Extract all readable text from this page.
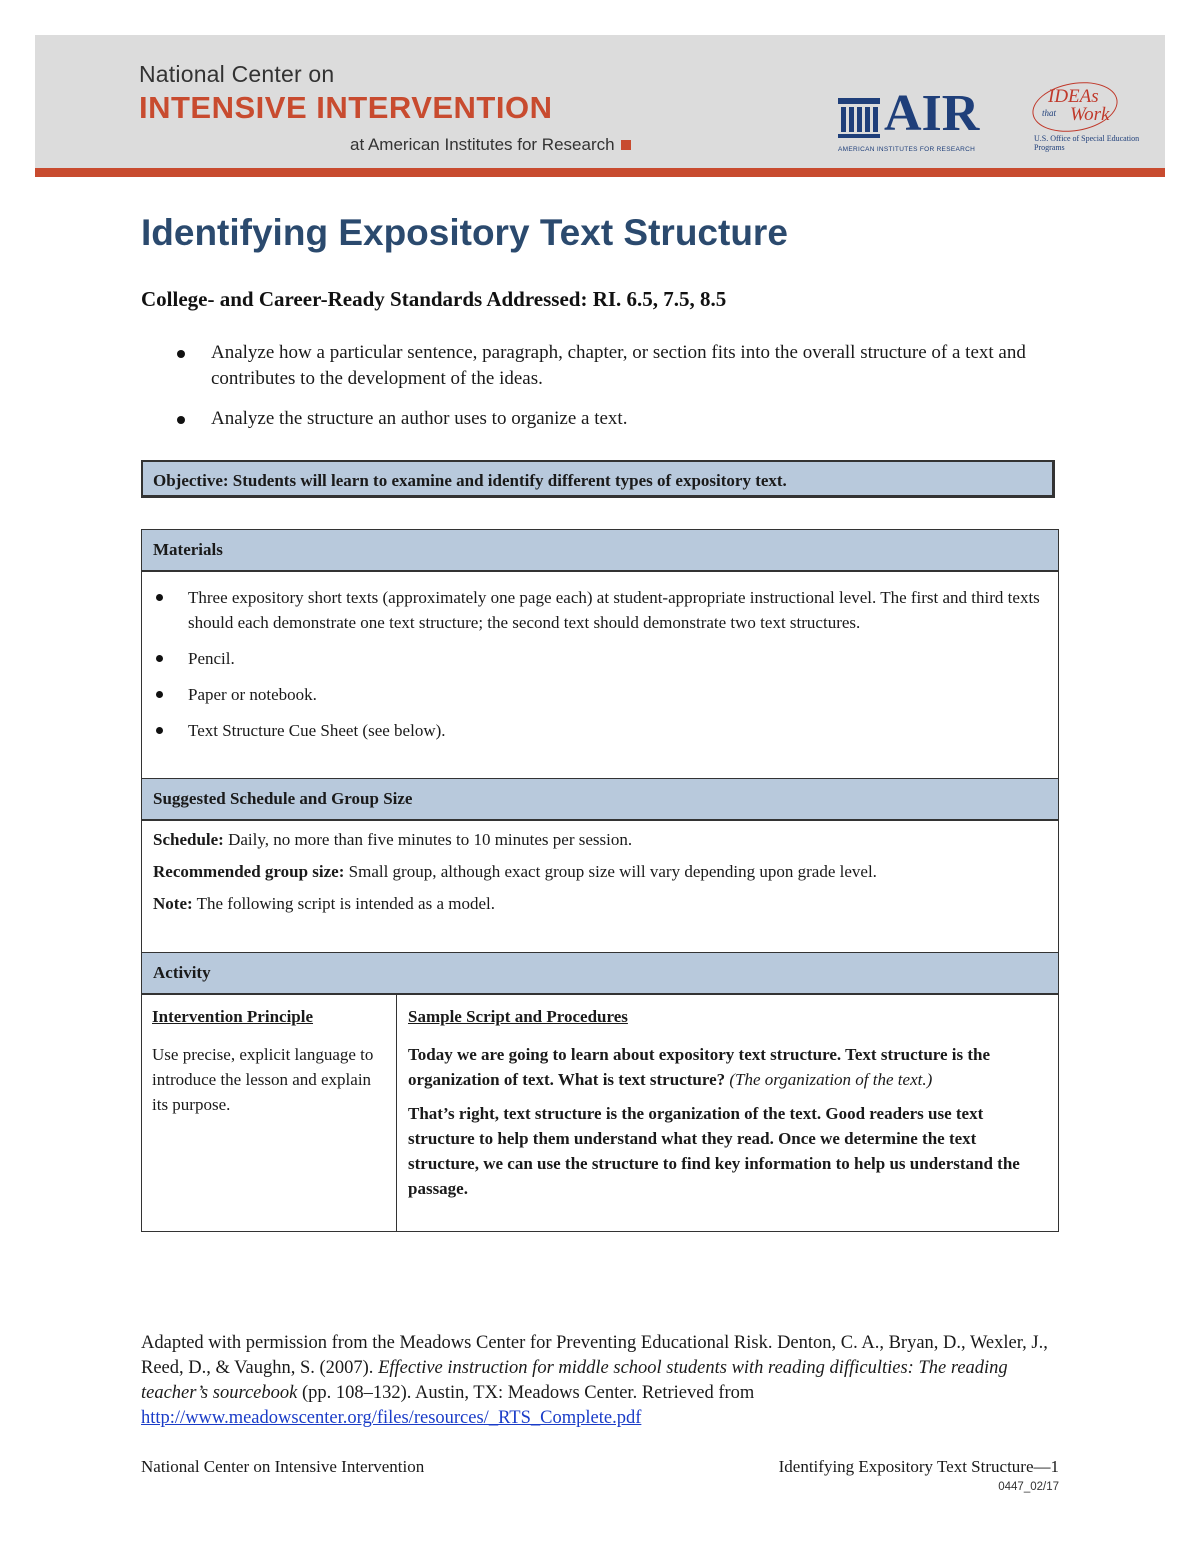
National Center on
INTENSIVE INTERVENTION
at American Institutes for Research
AIR
AMERICAN INSTITUTES FOR RESEARCH
IDEAs
that Work
U.S. Office of Special Education Programs
Identifying Expository Text Structure
College- and Career-Ready Standards Addressed: RI. 6.5, 7.5, 8.5
Analyze how a particular sentence, paragraph, chapter, or section fits into the overall structure of a text and contributes to the development of the ideas.
Analyze the structure an author uses to organize a text.
Objective: Students will learn to examine and identify different types of expository text.
Materials
Three expository short texts (approximately one page each) at student-appropriate instructional level. The first and third texts should each demonstrate one text structure; the second text should demonstrate two text structures.
Pencil.
Paper or notebook.
Text Structure Cue Sheet (see below).
Suggested Schedule and Group Size

Schedule: Daily, no more than five minutes to 10 minutes per session.

Recommended group size: Small group, although exact group size will vary depending upon grade level.

Note: The following script is intended as a model.

Activity
Intervention Principle
Use precise, explicit language to introduce the lesson and explain its purpose.
Sample Script and Procedures
Today we are going to learn about expository text structure. Text structure is the organization of text. What is text structure? (The organization of the text.)
That’s right, text structure is the organization of the text. Good readers use text structure to help them understand what they read. Once we determine the text structure, we can use the structure to find key information to help us understand the passage.

Adapted with permission from the Meadows Center for Preventing Educational Risk. Denton, C. A., Bryan, D., Wexler, J., Reed, D., & Vaughn, S. (2007). Effective instruction for middle school students with reading difficulties: The reading teacher’s sourcebook (pp. 108–132). Austin, TX: Meadows Center. Retrieved from http://www.meadowscenter.org/files/resources/_RTS_Complete.pdf

National Center on Intensive Intervention	Identifying Expository Text Structure—1
0447_02/17
